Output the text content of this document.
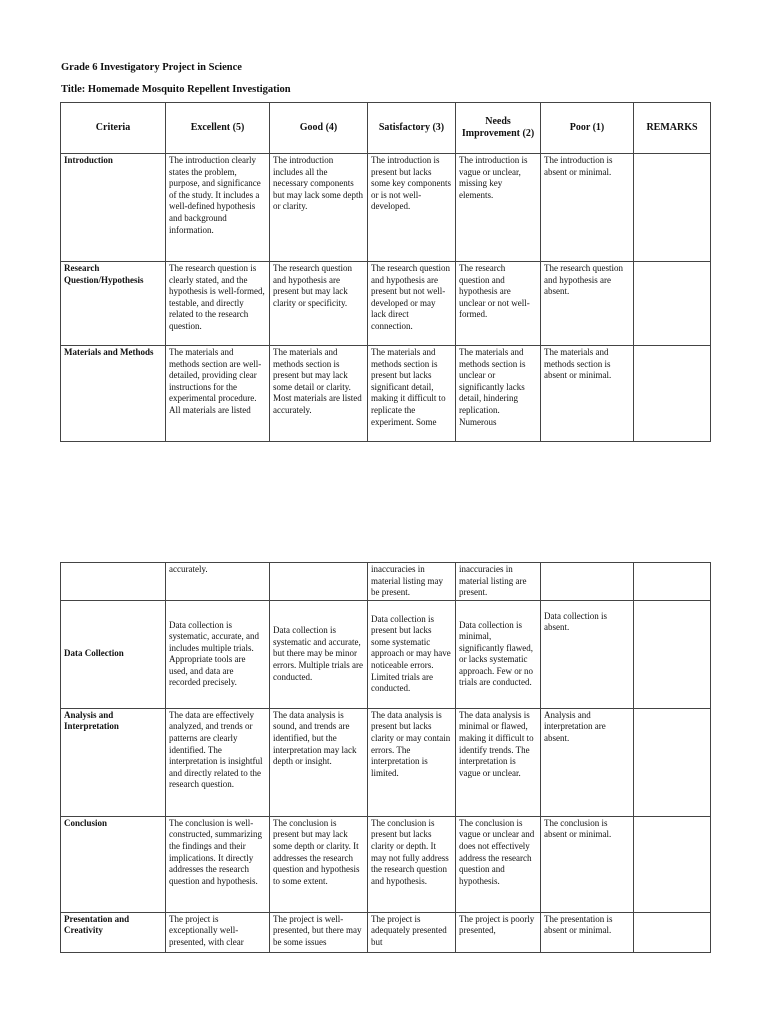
Grade 6 Investigatory Project in Science
Title: Homemade Mosquito Repellent Investigation
Criteria	Excellent (5)	Good (4)	Satisfactory (3)	Needs Improvement (2)	Poor (1)	REMARKS
Introduction	The introduction clearly states the problem, purpose, and significance of the study. It includes a well-defined hypothesis and background information.	The introduction includes all the necessary components but may lack some depth or clarity.	The introduction is present but lacks some key components or is not well-developed.	The introduction is vague or unclear, missing key elements.	The introduction is absent or minimal.	
Research Question/Hypothesis	The research question is clearly stated, and the hypothesis is well-formed, testable, and directly related to the research question.	The research question and hypothesis are present but may lack clarity or specificity.	The research question and hypothesis are present but not well-developed or may lack direct connection.	The research question and hypothesis are unclear or not well-formed.	The research question and hypothesis are absent.	
Materials and Methods	The materials and methods section are well-detailed, providing clear instructions for the experimental procedure. All materials are listed	The materials and methods section is present but may lack some detail or clarity. Most materials are listed accurately.	The materials and methods section is present but lacks significant detail, making it difficult to replicate the experiment. Some	The materials and methods section is unclear or significantly lacks detail, hindering replication. Numerous	The materials and methods section is absent or minimal.	
	accurately.		inaccuracies in material listing may be present.	inaccuracies in material listing are present.		
Data Collection	Data collection is systematic, accurate, and includes multiple trials. Appropriate tools are used, and data are recorded precisely.	Data collection is systematic and accurate, but there may be minor errors. Multiple trials are conducted.	Data collection is present but lacks some systematic approach or may have noticeable errors. Limited trials are conducted.	Data collection is minimal, significantly flawed, or lacks systematic approach. Few or no trials are conducted.	Data collection is absent.	
Analysis and Interpretation	The data are effectively analyzed, and trends or patterns are clearly identified. The interpretation is insightful and directly related to the research question.	The data analysis is sound, and trends are identified, but the interpretation may lack depth or insight.	The data analysis is present but lacks clarity or may contain errors. The interpretation is limited.	The data analysis is minimal or flawed, making it difficult to identify trends. The interpretation is vague or unclear.	Analysis and interpretation are absent.	
Conclusion	The conclusion is well-constructed, summarizing the findings and their implications. It directly addresses the research question and hypothesis.	The conclusion is present but may lack some depth or clarity. It addresses the research question and hypothesis to some extent.	The conclusion is present but lacks clarity or depth. It may not fully address the research question and hypothesis.	The conclusion is vague or unclear and does not effectively address the research question and hypothesis.	The conclusion is absent or minimal.	
Presentation and Creativity	The project is exceptionally well-presented, with clear	The project is well-presented, but there may be some issues	The project is adequately presented but	The project is poorly presented,	The presentation is absent or minimal.	
